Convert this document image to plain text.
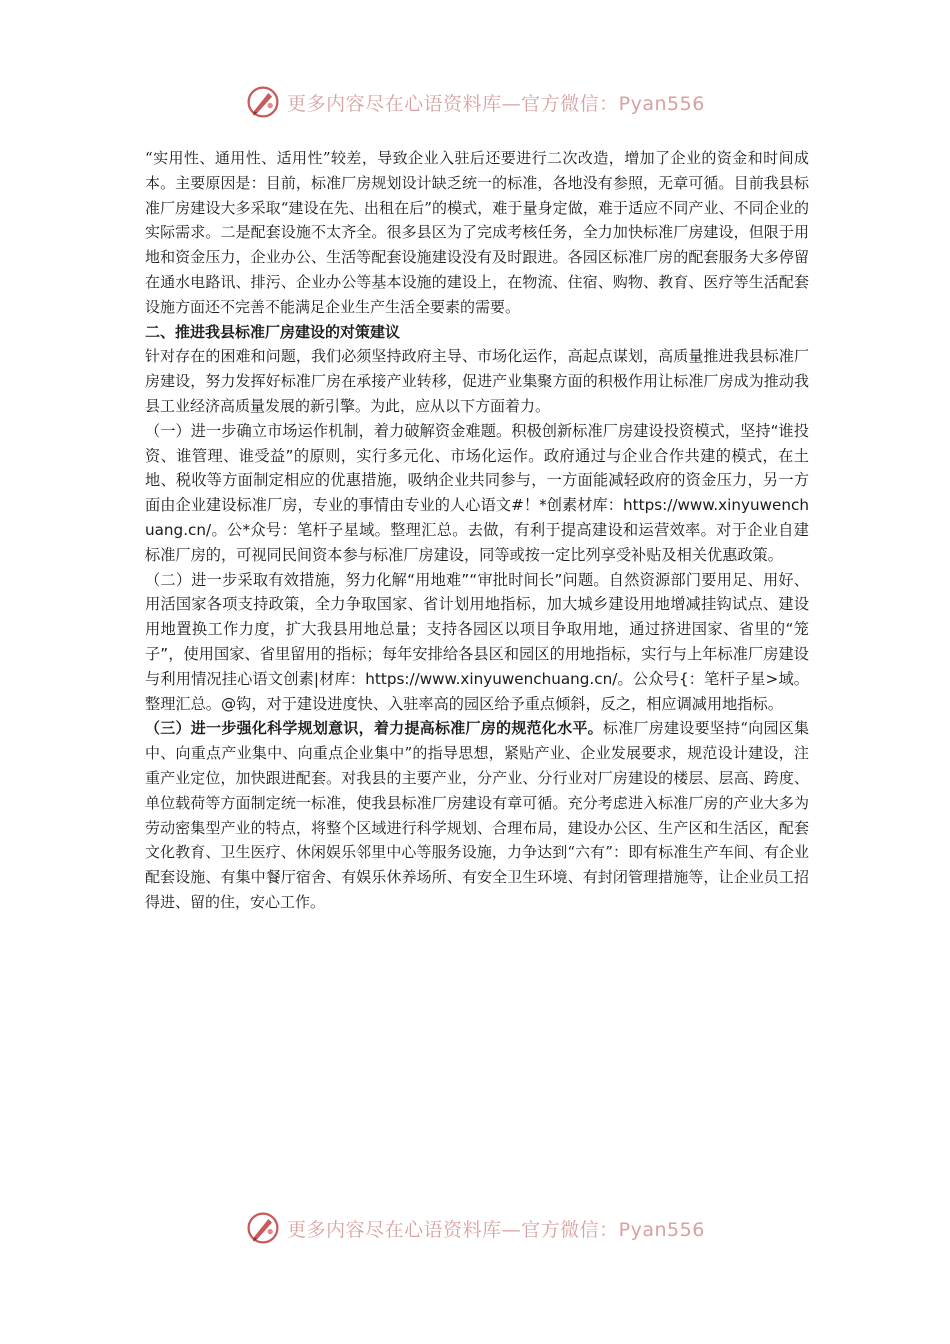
更多内容尽在心语资料库—官方微信：Pyan556

“实用性、通用性、适用性”较差，导致企业入驻后还要进行二次改造，增加了企业的资金和时间成本。主要原因是：目前，标准厂房规划设计缺乏统一的标准，各地没有参照，无章可循。目前我县标准厂房建设大多采取“建设在先、出租在后”的模式，难于量身定做，难于适应不同产业、不同企业的实际需求。二是配套设施不太齐全。很多县区为了完成考核任务，全力加快标准厂房建设，但限于用地和资金压力，企业办公、生活等配套设施建设没有及时跟进。各园区标准厂房的配套服务大多停留在通水电路讯、排污、企业办公等基本设施的建设上，在物流、住宿、购物、教育、医疗等生活配套设施方面还不完善不能满足企业生产生活全要素的需要。

二、推进我县标准厂房建设的对策建议

针对存在的困难和问题，我们必须坚持政府主导、市场化运作，高起点谋划，高质量推进我县标准厂房建设，努力发挥好标准厂房在承接产业转移，促进产业集聚方面的积极作用让标准厂房成为推动我县工业经济高质量发展的新引擎。为此，应从以下方面着力。

（一）进一步确立市场运作机制，着力破解资金难题。积极创新标准厂房建设投资模式，坚持“谁投资、谁管理、谁受益”的原则，实行多元化、市场化运作。政府通过与企业合作共建的模式，在土地、税收等方面制定相应的优惠措施，吸纳企业共同参与，一方面能减轻政府的资金压力，另一方面由企业建设标准厂房，专业的事情由专业的人心语文#！*创素材库：https://www.xinyuwenchuang.cn/。公*众号：笔杆子星域。整理汇总。去做，有利于提高建设和运营效率。对于企业自建标准厂房的，可视同民间资本参与标准厂房建设，同等或按一定比列享受补贴及相关优惠政策。

（二）进一步采取有效措施，努力化解“用地难”“审批时间长”问题。自然资源部门要用足、用好、用活国家各项支持政策，全力争取国家、省计划用地指标，加大城乡建设用地增减挂钩试点、建设用地置换工作力度，扩大我县用地总量；支持各园区以项目争取用地，通过挤进国家、省里的“笼子”，使用国家、省里留用的指标；每年安排给各县区和园区的用地指标，实行与上年标准厂房建设与利用情况挂心语文创素|材库：https://www.xinyuwenchuang.cn/。公众号{：笔杆子星>域。整理汇总。@钩，对于建设进度快、入驻率高的园区给予重点倾斜，反之，相应调减用地指标。

（三）进一步强化科学规划意识，着力提高标准厂房的规范化水平。标准厂房建设要坚持“向园区集中、向重点产业集中、向重点企业集中”的指导思想，紧贴产业、企业发展要求，规范设计建设，注重产业定位，加快跟进配套。对我县的主要产业，分产业、分行业对厂房建设的楼层、层高、跨度、单位载荷等方面制定统一标准，使我县标准厂房建设有章可循。充分考虑进入标准厂房的产业大多为劳动密集型产业的特点，将整个区域进行科学规划、合理布局，建设办公区、生产区和生活区，配套文化教育、卫生医疗、休闲娱乐邻里中心等服务设施，力争达到“六有”：即有标准生产车间、有企业配套设施、有集中餐厅宿舍、有娱乐休养场所、有安全卫生环境、有封闭管理措施等，让企业员工招得进、留的住，安心工作。

更多内容尽在心语资料库—官方微信：Pyan556
